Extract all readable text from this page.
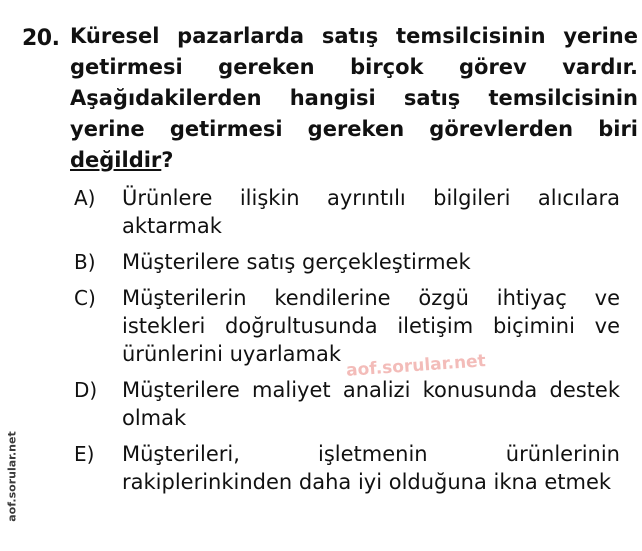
20. Küresel pazarlarda satış temsilcisinin yerine getirmesi gereken birçok görev vardır. Aşağıdakilerden hangisi satış temsilcisinin yerine getirmesi gereken görevlerden biri değildir?
A) Ürünlere ilişkin ayrıntılı bilgileri alıcılara aktarmak
B) Müşterilere satış gerçekleştirmek
C) Müşterilerin kendilerine özgü ihtiyaç ve istekleri doğrultusunda iletişim biçimini ve ürünlerini uyarlamak
D) Müşterilere maliyet analizi konusunda destek olmak
E) Müşterileri, işletmenin ürünlerinin rakiplerinkinden daha iyi olduğuna ikna etmek
aof.sorular.net
aof.sorular.net
